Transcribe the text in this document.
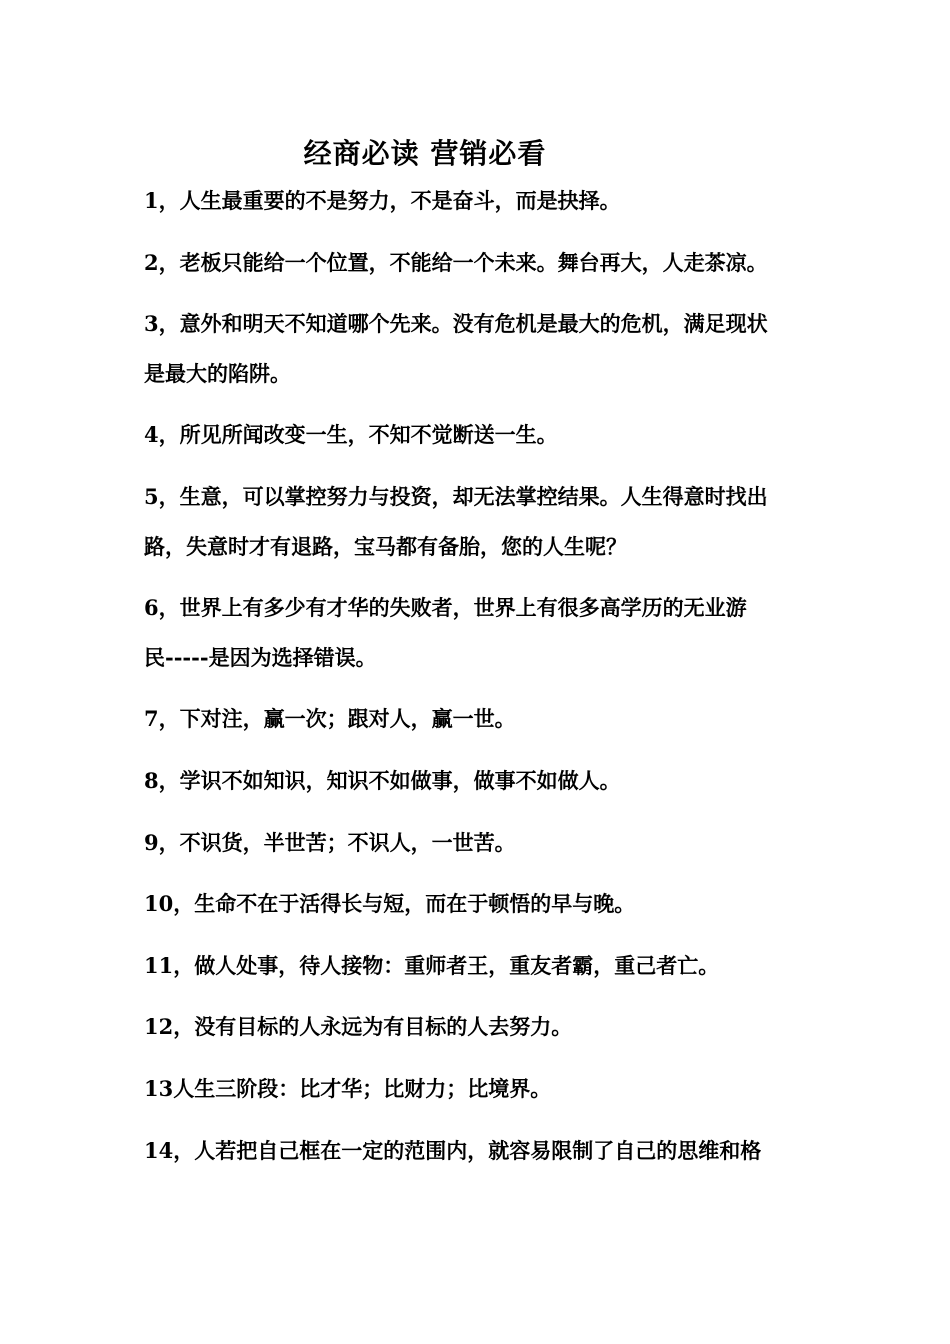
经商必读 营销必看
1，人生最重要的不是努力，不是奋斗，而是抉择。
2，老板只能给一个位置，不能给一个未来。舞台再大，人走茶凉。
3，意外和明天不知道哪个先来。没有危机是最大的危机，满足现状
是最大的陷阱。
4，所见所闻改变一生，不知不觉断送一生。
5，生意，可以掌控努力与投资，却无法掌控结果。人生得意时找出
路，失意时才有退路，宝马都有备胎，您的人生呢？
6，世界上有多少有才华的失败者，世界上有很多高学历的无业游
民-----是因为选择错误。
7，下对注，赢一次；跟对人，赢一世。
8，学识不如知识，知识不如做事，做事不如做人。
9，不识货，半世苦；不识人，一世苦。
10，生命不在于活得长与短，而在于顿悟的早与晚。
11，做人处事，待人接物：重师者王，重友者霸，重己者亡。
12，没有目标的人永远为有目标的人去努力。
13人生三阶段：比才华；比财力；比境界。
14，人若把自己框在一定的范围内，就容易限制了自己的思维和格
